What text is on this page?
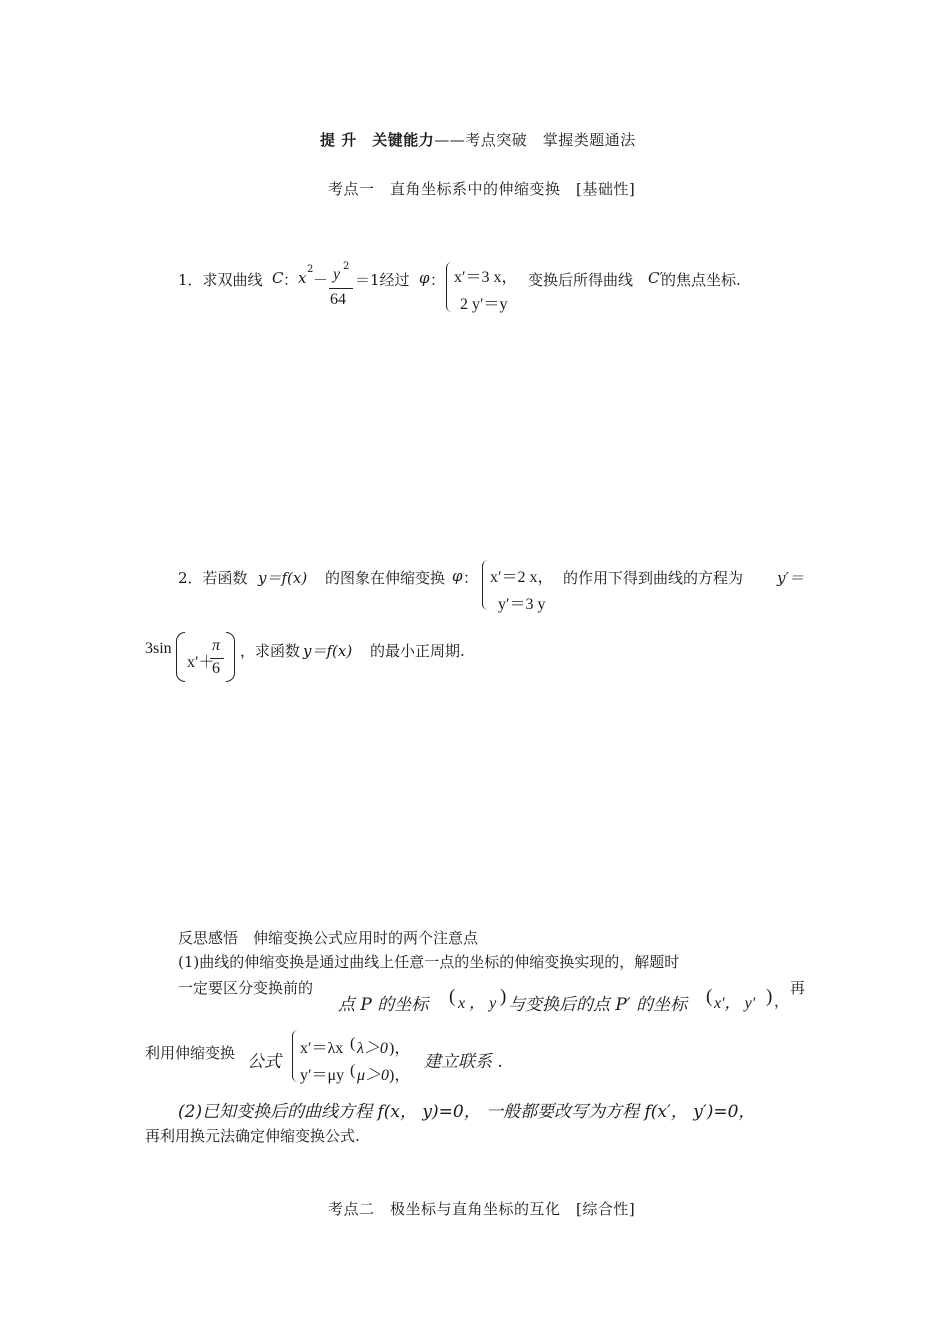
提 升　关键能力——考点突破　掌握类题通法
考点一　直角坐标系中的伸缩变换　[基础性]
1．求双曲线 C ： x 2
－ y 2
64
＝1经过 φ ： x′＝3 x，
2 y′＝y
变换后所得曲线 C′
的焦点坐标.
2．若函数 y＝f(x) 的图象在伸缩变换 φ ： x′＝2 x，
y′＝3 y
的作用下得到曲线的方程为 y′＝
3sin
x′＋
π
6
，求函数 y＝f(x) 的最小正周期.
反思感悟　伸缩变换公式应用时的两个注意点
(1)曲线的伸缩变换是通过曲线上任意一点的坐标的伸缩变换实现的，解题时
一定要区分变换前的
点 P 的坐标 ( x ， y ) 与变换后的点 P′ 的坐标 ( x′， y′ ) ，
再
利用伸缩变换 公式
x′＝λx ( λ＞0 )，
y′＝μy ( μ＞0 )，
建立联系 .
(2)已知变换后的曲线方程 f(x， y)=0， 一般都要改写为方程 f(x′， y′)=0，
再利用换元法确定伸缩变换公式.
考点二　极坐标与直角坐标的互化　[综合性]
